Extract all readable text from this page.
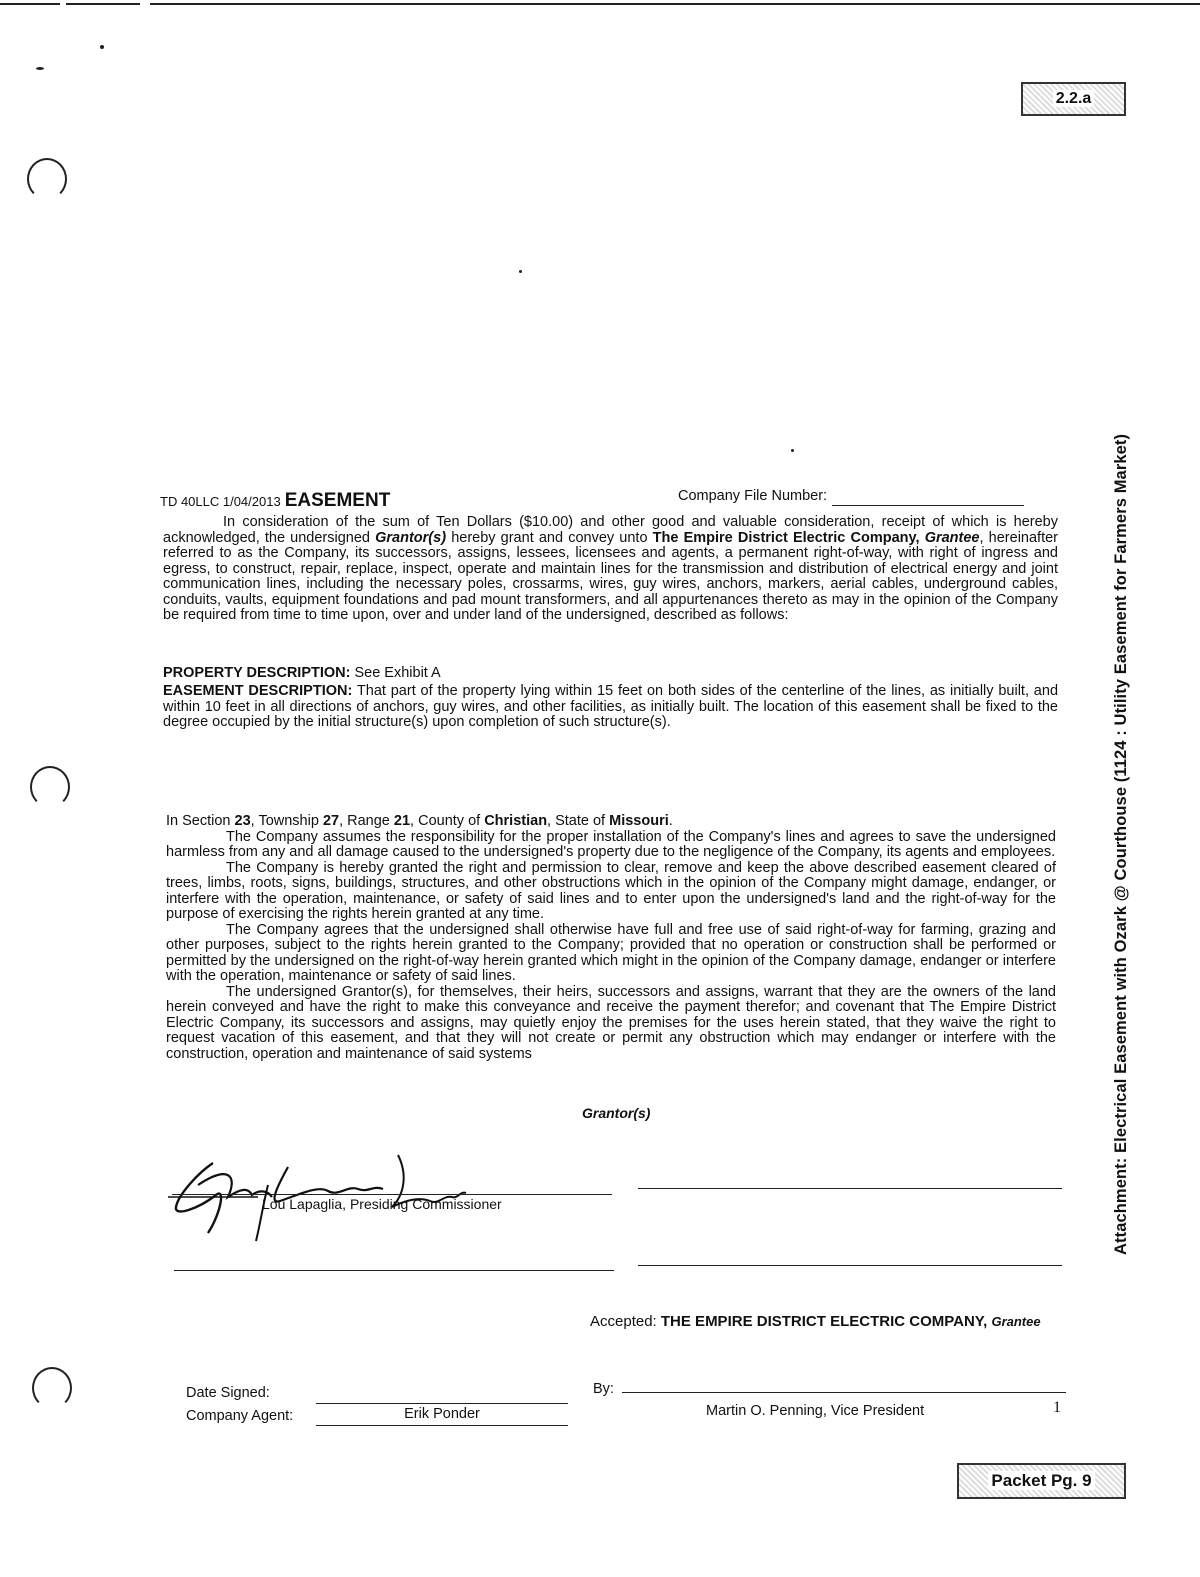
2.2.a
Packet Pg. 9
Attachment: Electrical Easement with Ozark @ Courthouse (1124 : Utility Easement for Farmers Market)
TD 40LLC 1/04/2013 EASEMENT	Company File Number:

In consideration of the sum of Ten Dollars ($10.00) and other good and valuable consideration, receipt of which is hereby acknowledged, the undersigned Grantor(s) hereby grant and convey unto The Empire District Electric Company, Grantee, hereinafter referred to as the Company, its successors, assigns, lessees, licensees and agents, a permanent right-of-way, with right of ingress and egress, to construct, repair, replace, inspect, operate and maintain lines for the transmission and distribution of electrical energy and joint communication lines, including the necessary poles, crossarms, wires, guy wires, anchors, markers, aerial cables, underground cables, conduits, vaults, equipment foundations and pad mount transformers, and all appurtenances thereto as may in the opinion of the Company be required from time to time upon, over and under land of the undersigned, described as follows:

PROPERTY DESCRIPTION: See Exhibit A

EASEMENT DESCRIPTION: That part of the property lying within 15 feet on both sides of the centerline of the lines, as initially built, and within 10 feet in all directions of anchors, guy wires, and other facilities, as initially built. The location of this easement shall be fixed to the degree occupied by the initial structure(s) upon completion of such structure(s).

In Section 23, Township 27, Range 21, County of Christian, State of Missouri.

The Company assumes the responsibility for the proper installation of the Company's lines and agrees to save the undersigned harmless from any and all damage caused to the undersigned's property due to the negligence of the Company, its agents and employees.

The Company is hereby granted the right and permission to clear, remove and keep the above described easement cleared of trees, limbs, roots, signs, buildings, structures, and other obstructions which in the opinion of the Company might damage, endanger, or interfere with the operation, maintenance, or safety of said lines and to enter upon the undersigned's land and the right-of-way for the purpose of exercising the rights herein granted at any time.

The Company agrees that the undersigned shall otherwise have full and free use of said right-of-way for farming, grazing and other purposes, subject to the rights herein granted to the Company; provided that no operation or construction shall be performed or permitted by the undersigned on the right-of-way herein granted which might in the opinion of the Company damage, endanger or interfere with the operation, maintenance or safety of said lines.

The undersigned Grantor(s), for themselves, their heirs, successors and assigns, warrant that they are the owners of the land herein conveyed and have the right to make this conveyance and receive the payment therefor; and covenant that The Empire District Electric Company, its successors and assigns, may quietly enjoy the premises for the uses herein stated, that they waive the right to request vacation of this easement, and that they will not create or permit any obstruction which may endanger or interfere with the construction, operation and maintenance of said systems

Grantor(s)
Lou Lapaglia, Presiding Commissioner
Accepted: THE EMPIRE DISTRICT ELECTRIC COMPANY, Grantee
Date Signed:
Company Agent:	Erik Ponder
By:
Martin O. Penning, Vice President	1
